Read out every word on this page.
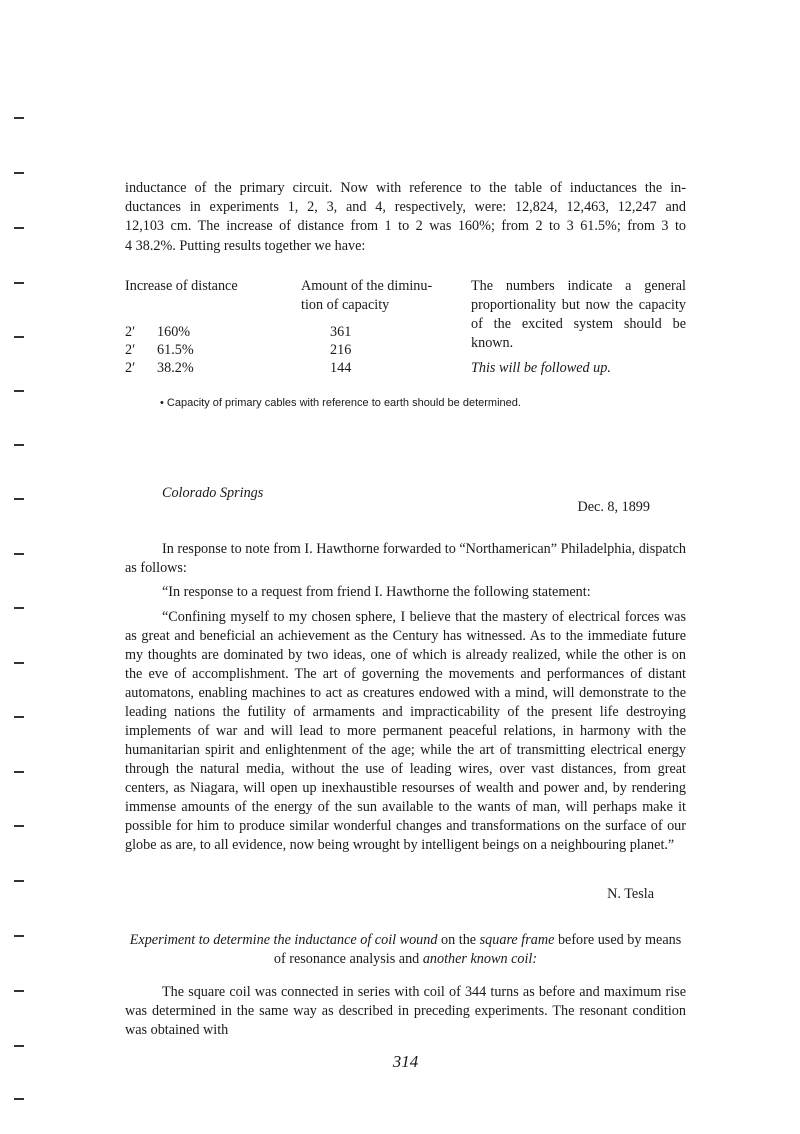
inductance of the primary circuit. Now with reference to the table of inductances the in-

ductances in experiments 1, 2, 3, and 4, respectively, were: 12,824, 12,463, 12,247 and

12,103 cm. The increase of distance from 1 to 2 was 160%; from 2 to 3 61.5%; from 3 to

4 38.2%. Putting results together we have:

Increase of distance	Amount of the diminu-
tion of capacity
The numbers indicate a general proportionality but now the capacity of the excited system should be known.
This will be followed up.
2′ 160%	361
2′ 61.5%	216
2′ 38.2%	144
• Capacity of primary cables with reference to earth should be determined.
Colorado Springs
Dec. 8, 1899

In response to note from I. Hawthorne forwarded to “Northamerican” Philadelphia, dispatch as follows:

“In response to a request from friend I. Hawthorne the following statement:

“Confining myself to my chosen sphere, I believe that the mastery of electrical forces was as great and beneficial an achievement as the Century has witnessed. As to the immediate future my thoughts are dominated by two ideas, one of which is already realized, while the other is on the eve of accomplishment. The art of governing the movements and performances of distant automatons, enabling machines to act as creatures endowed with a mind, will demonstrate to the leading nations the futility of armaments and impracticability of the present life destroying implements of war and will lead to more permanent peaceful relations, in harmony with the humanitarian spirit and enlightenment of the age; while the art of transmitting electrical energy through the natural media, without the use of leading wires, over vast distances, from great centers, as Niagara, will open up inexhaustible resourses of wealth and power and, by rendering immense amounts of the energy of the sun available to the wants of man, will perhaps make it possible for him to produce similar wonderful changes and transformations on the surface of our globe as are, to all evidence, now being wrought by intelligent beings on a neighbouring planet.”

N. Tesla
Experiment to determine the inductance of coil wound on the square frame before used by means of resonance analysis and another known coil:

The square coil was connected in series with coil of 344 turns as before and maximum rise was determined in the same way as described in preceding experiments. The resonant condition was obtained with

314
